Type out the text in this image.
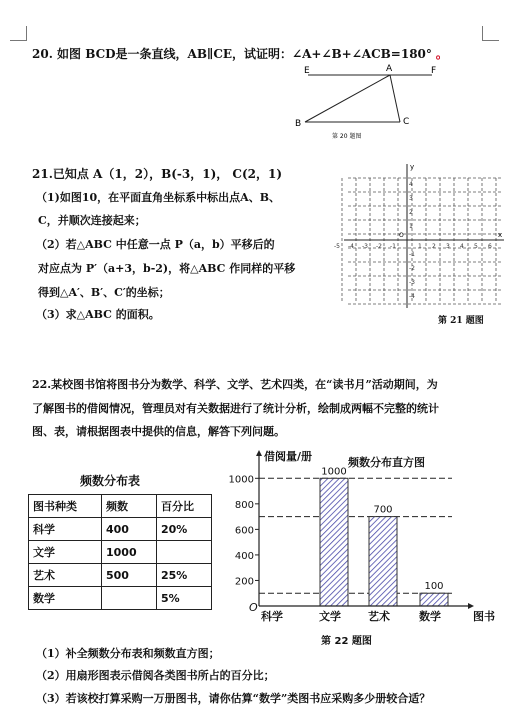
20. 如图 BCD是一条直线，AB∥CE，试证明：∠A+∠B+∠ACB=180° 。
E	A	F
B	C
第 20 题图
21.已知点 A（1，2），B(-3，1)， C(2，1)
（1)如图10，在平面直角坐标系中标出点A、B、
C，并顺次连接起来；
（2）若△ABC 中任意一点 P（a，b）平移后的
对应点为 P′（a+3，b-2)，将△ABC 作同样的平移
得到△A′、B′、C′的坐标；
（3）求△ABC 的面积。
y
x
O
-5 -4 -3 -2 -1	1 2 3 4 5 6
4
3
2
1
-1
-2
-3
-4
第 21 题图
22.某校图书馆将图书分为数学、科学、文学、艺术四类，在“读书月”活动期间，为
了解图书的借阅情况，管理员对有关数据进行了统计分析，绘制成两幅不完整的统计
图、表，请根据图表中提供的信息，解答下列问题。
频数分布表
图书种类	频数	百分比
科学	400	20%
文学	1000	
艺术	500	25%
数学		5%
200
400
600
800
1000
O
科学	文学 艺术	数学	图书
1000
700
100
借阅量/册	频数分布直方图
第 22 题图
（1）补全频数分布表和频数直方图；
（2）用扇形图表示借阅各类图书所占的百分比；
（3）若该校打算采购一万册图书，请你估算“数学”类图书应采购多少册较合适？
